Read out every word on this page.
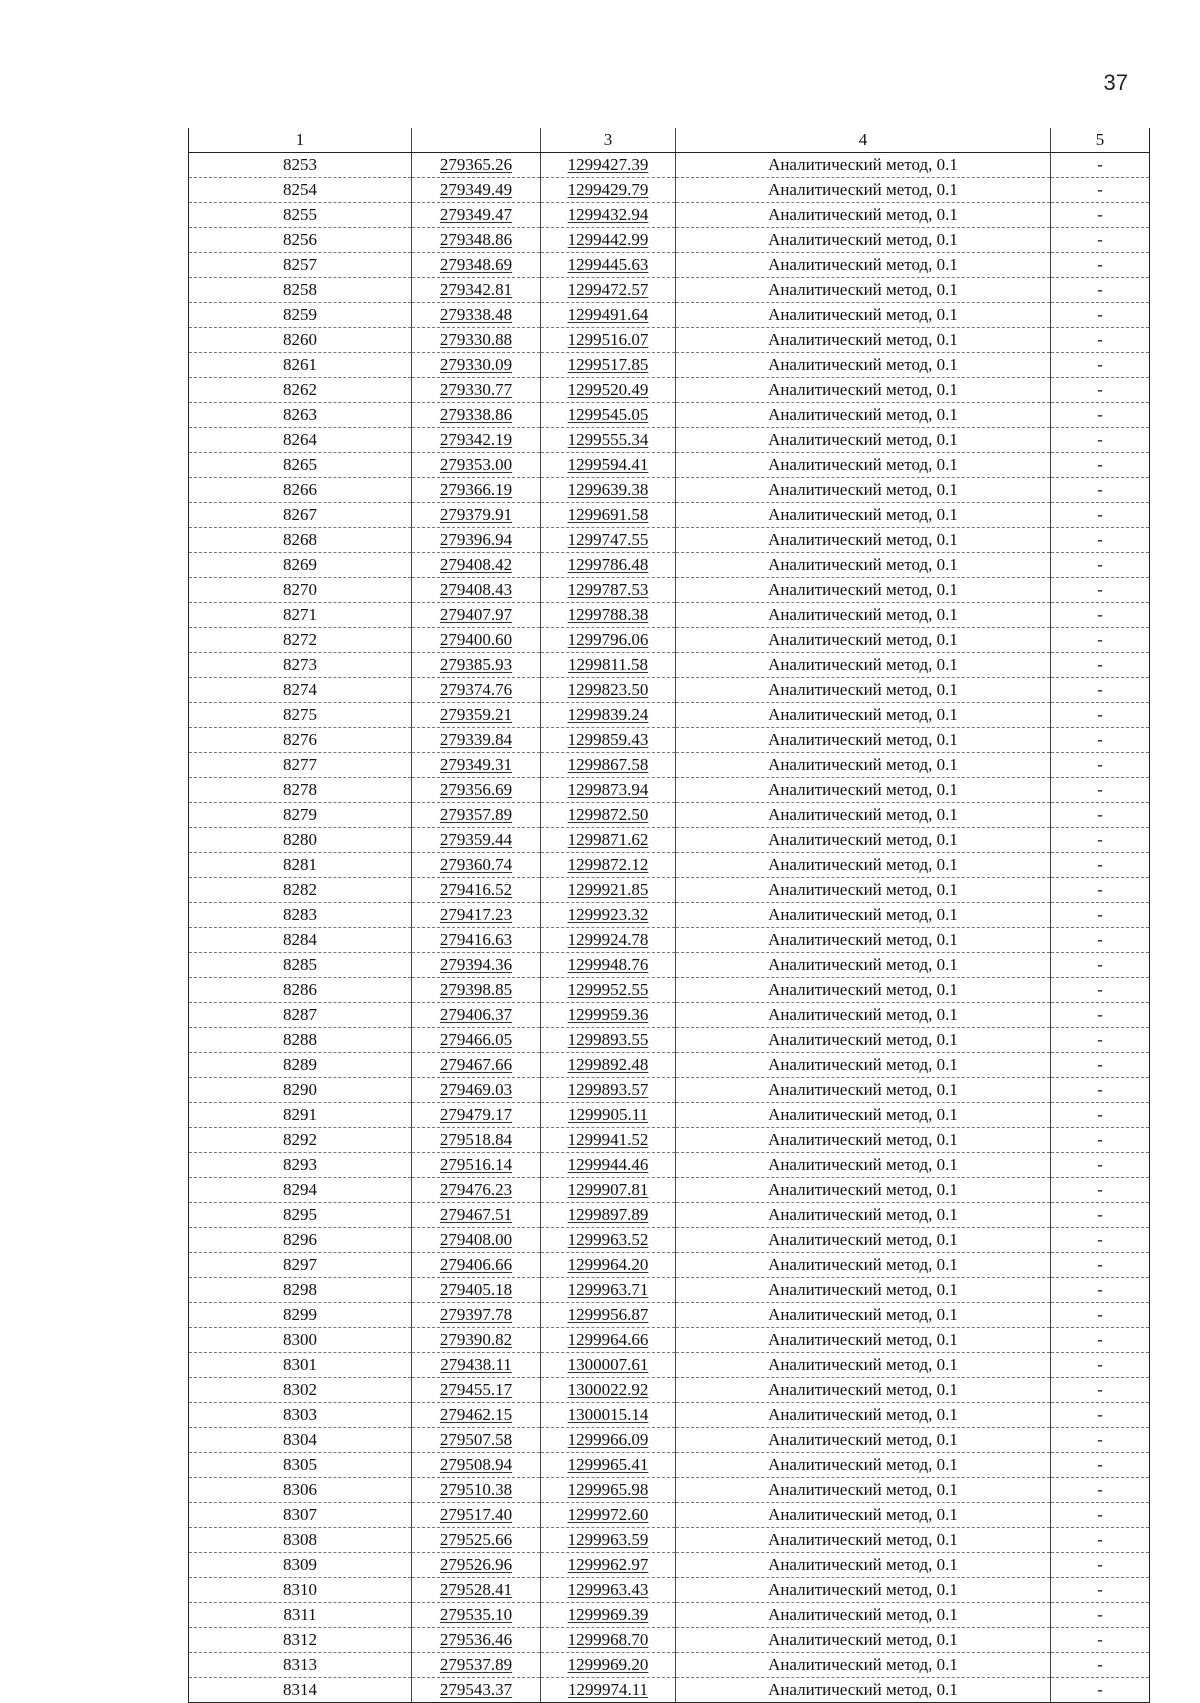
37
1		3	4	5
8253	279365.26	1299427.39	Аналитический метод, 0.1	-
8254	279349.49	1299429.79	Аналитический метод, 0.1	-
8255	279349.47	1299432.94	Аналитический метод, 0.1	-
8256	279348.86	1299442.99	Аналитический метод, 0.1	-
8257	279348.69	1299445.63	Аналитический метод, 0.1	-
8258	279342.81	1299472.57	Аналитический метод, 0.1	-
8259	279338.48	1299491.64	Аналитический метод, 0.1	-
8260	279330.88	1299516.07	Аналитический метод, 0.1	-
8261	279330.09	1299517.85	Аналитический метод, 0.1	-
8262	279330.77	1299520.49	Аналитический метод, 0.1	-
8263	279338.86	1299545.05	Аналитический метод, 0.1	-
8264	279342.19	1299555.34	Аналитический метод, 0.1	-
8265	279353.00	1299594.41	Аналитический метод, 0.1	-
8266	279366.19	1299639.38	Аналитический метод, 0.1	-
8267	279379.91	1299691.58	Аналитический метод, 0.1	-
8268	279396.94	1299747.55	Аналитический метод, 0.1	-
8269	279408.42	1299786.48	Аналитический метод, 0.1	-
8270	279408.43	1299787.53	Аналитический метод, 0.1	-
8271	279407.97	1299788.38	Аналитический метод, 0.1	-
8272	279400.60	1299796.06	Аналитический метод, 0.1	-
8273	279385.93	1299811.58	Аналитический метод, 0.1	-
8274	279374.76	1299823.50	Аналитический метод, 0.1	-
8275	279359.21	1299839.24	Аналитический метод, 0.1	-
8276	279339.84	1299859.43	Аналитический метод, 0.1	-
8277	279349.31	1299867.58	Аналитический метод, 0.1	-
8278	279356.69	1299873.94	Аналитический метод, 0.1	-
8279	279357.89	1299872.50	Аналитический метод, 0.1	-
8280	279359.44	1299871.62	Аналитический метод, 0.1	-
8281	279360.74	1299872.12	Аналитический метод, 0.1	-
8282	279416.52	1299921.85	Аналитический метод, 0.1	-
8283	279417.23	1299923.32	Аналитический метод, 0.1	-
8284	279416.63	1299924.78	Аналитический метод, 0.1	-
8285	279394.36	1299948.76	Аналитический метод, 0.1	-
8286	279398.85	1299952.55	Аналитический метод, 0.1	-
8287	279406.37	1299959.36	Аналитический метод, 0.1	-
8288	279466.05	1299893.55	Аналитический метод, 0.1	-
8289	279467.66	1299892.48	Аналитический метод, 0.1	-
8290	279469.03	1299893.57	Аналитический метод, 0.1	-
8291	279479.17	1299905.11	Аналитический метод, 0.1	-
8292	279518.84	1299941.52	Аналитический метод, 0.1	-
8293	279516.14	1299944.46	Аналитический метод, 0.1	-
8294	279476.23	1299907.81	Аналитический метод, 0.1	-
8295	279467.51	1299897.89	Аналитический метод, 0.1	-
8296	279408.00	1299963.52	Аналитический метод, 0.1	-
8297	279406.66	1299964.20	Аналитический метод, 0.1	-
8298	279405.18	1299963.71	Аналитический метод, 0.1	-
8299	279397.78	1299956.87	Аналитический метод, 0.1	-
8300	279390.82	1299964.66	Аналитический метод, 0.1	-
8301	279438.11	1300007.61	Аналитический метод, 0.1	-
8302	279455.17	1300022.92	Аналитический метод, 0.1	-
8303	279462.15	1300015.14	Аналитический метод, 0.1	-
8304	279507.58	1299966.09	Аналитический метод, 0.1	-
8305	279508.94	1299965.41	Аналитический метод, 0.1	-
8306	279510.38	1299965.98	Аналитический метод, 0.1	-
8307	279517.40	1299972.60	Аналитический метод, 0.1	-
8308	279525.66	1299963.59	Аналитический метод, 0.1	-
8309	279526.96	1299962.97	Аналитический метод, 0.1	-
8310	279528.41	1299963.43	Аналитический метод, 0.1	-
8311	279535.10	1299969.39	Аналитический метод, 0.1	-
8312	279536.46	1299968.70	Аналитический метод, 0.1	-
8313	279537.89	1299969.20	Аналитический метод, 0.1	-
8314	279543.37	1299974.11	Аналитический метод, 0.1	-
